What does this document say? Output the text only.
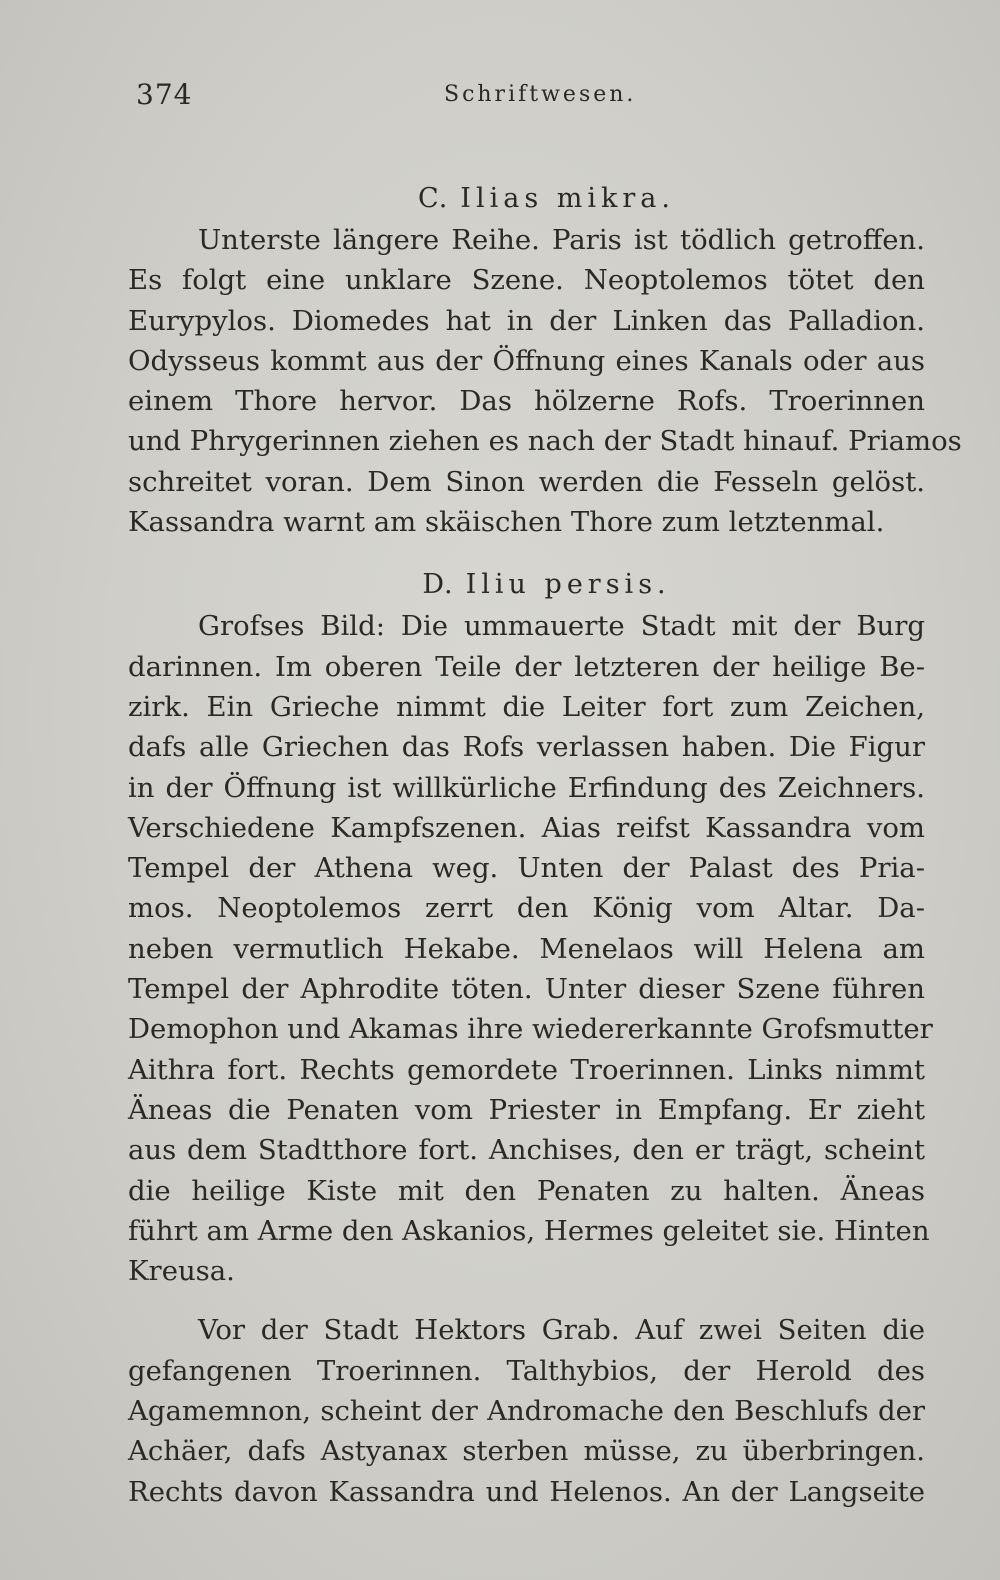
374	Schriftwesen.
C. Ilias mikra.
Unterste längere Reihe. Paris ist tödlich getroffen.
Es folgt eine unklare Szene. Neoptolemos tötet den
Eurypylos. Diomedes hat in der Linken das Palladion.
Odysseus kommt aus der Öffnung eines Kanals oder aus
einem Thore hervor. Das hölzerne Rofs. Troerinnen
und Phrygerinnen ziehen es nach der Stadt hinauf. Priamos
schreitet voran. Dem Sinon werden die Fesseln gelöst.
Kassandra warnt am skäischen Thore zum letztenmal.
D. Iliu persis.
Grofses Bild: Die ummauerte Stadt mit der Burg
darinnen. Im oberen Teile der letzteren der heilige Be-
zirk. Ein Grieche nimmt die Leiter fort zum Zeichen,
dafs alle Griechen das Rofs verlassen haben. Die Figur
in der Öffnung ist willkürliche Erfindung des Zeichners.
Verschiedene Kampfszenen. Aias reifst Kassandra vom
Tempel der Athena weg. Unten der Palast des Pria-
mos. Neoptolemos zerrt den König vom Altar. Da-
neben vermutlich Hekabe. Menelaos will Helena am
Tempel der Aphrodite töten. Unter dieser Szene führen
Demophon und Akamas ihre wiedererkannte Grofsmutter
Aithra fort. Rechts gemordete Troerinnen. Links nimmt
Äneas die Penaten vom Priester in Empfang. Er zieht
aus dem Stadtthore fort. Anchises, den er trägt, scheint
die heilige Kiste mit den Penaten zu halten. Äneas
führt am Arme den Askanios, Hermes geleitet sie. Hinten
Kreusa.
Vor der Stadt Hektors Grab. Auf zwei Seiten die
gefangenen Troerinnen. Talthybios, der Herold des
Agamemnon, scheint der Andromache den Beschlufs der
Achäer, dafs Astyanax sterben müsse, zu überbringen.
Rechts davon Kassandra und Helenos. An der Langseite
